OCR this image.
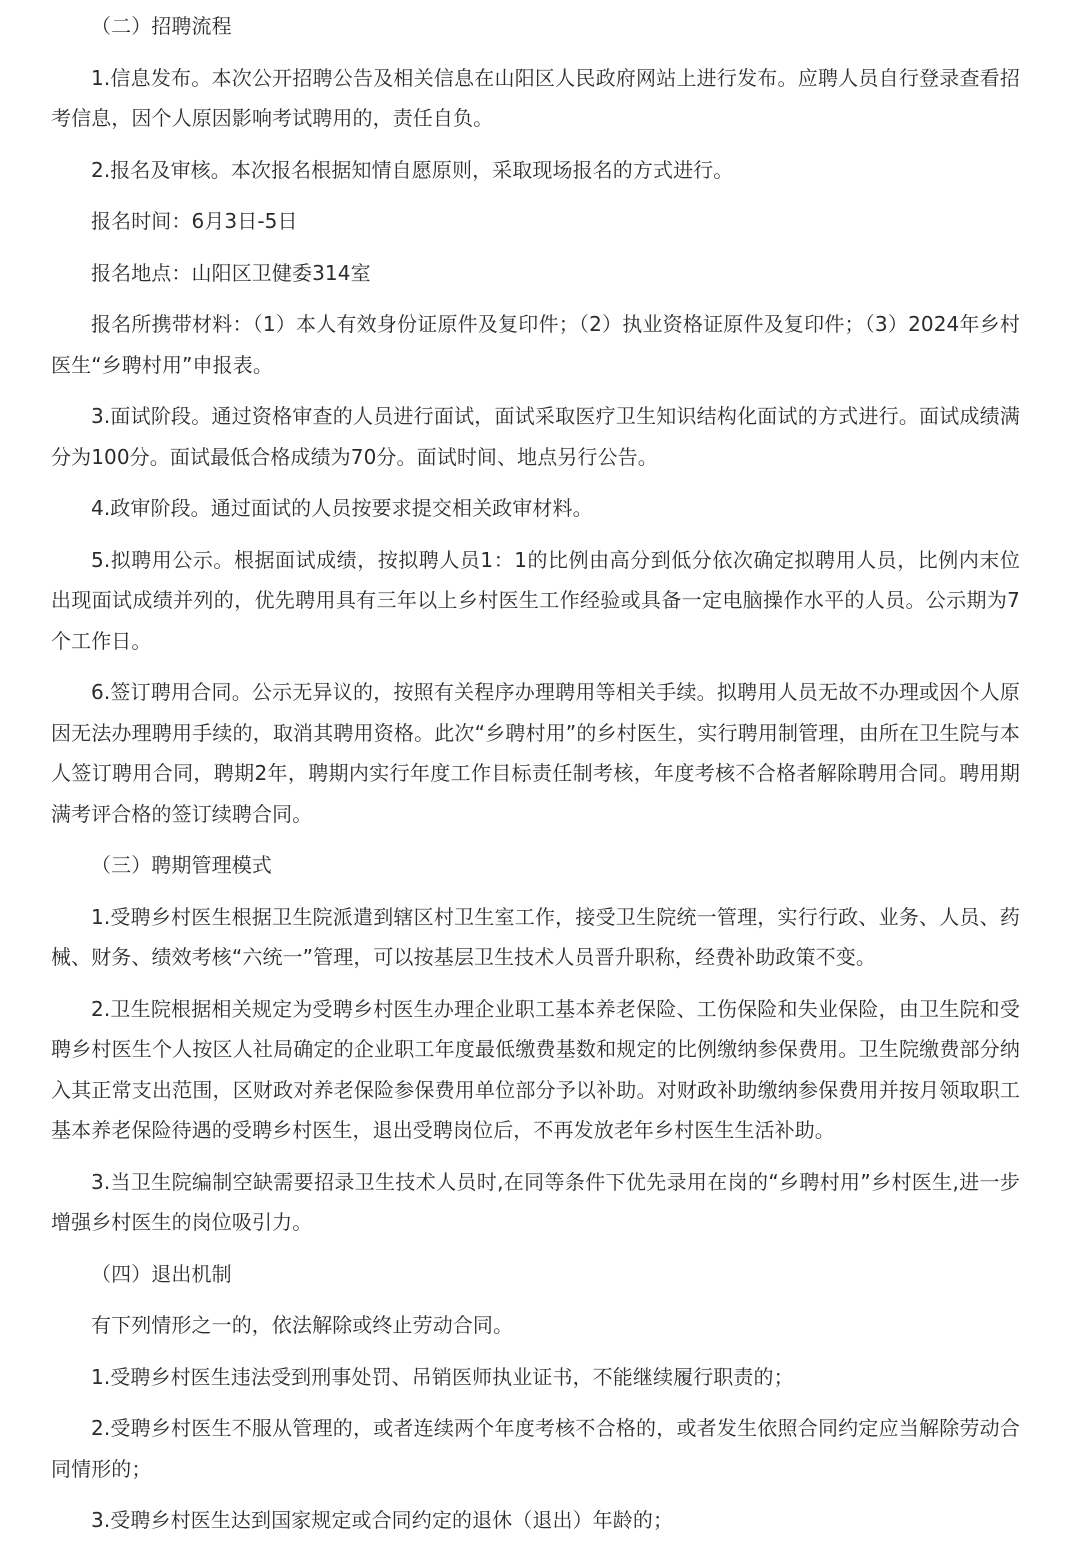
（二）招聘流程

1.信息发布。本次公开招聘公告及相关信息在山阳区人民政府网站上进行发布。应聘人员自行登录查看招考信息，因个人原因影响考试聘用的，责任自负。

2.报名及审核。本次报名根据知情自愿原则，采取现场报名的方式进行。

报名时间：6月3日-5日

报名地点：山阳区卫健委314室

报名所携带材料：（1）本人有效身份证原件及复印件；（2）执业资格证原件及复印件；（3）2024年乡村医生“乡聘村用”申报表。

3.面试阶段。通过资格审查的人员进行面试，面试采取医疗卫生知识结构化面试的方式进行。面试成绩满分为100分。面试最低合格成绩为70分。面试时间、地点另行公告。

4.政审阶段。通过面试的人员按要求提交相关政审材料。

5.拟聘用公示。根据面试成绩，按拟聘人员1：1的比例由高分到低分依次确定拟聘用人员，比例内末位出现面试成绩并列的，优先聘用具有三年以上乡村医生工作经验或具备一定电脑操作水平的人员。公示期为7个工作日。

6.签订聘用合同。公示无异议的，按照有关程序办理聘用等相关手续。拟聘用人员无故不办理或因个人原因无法办理聘用手续的，取消其聘用资格。此次“乡聘村用”的乡村医生，实行聘用制管理，由所在卫生院与本人签订聘用合同，聘期2年，聘期内实行年度工作目标责任制考核，年度考核不合格者解除聘用合同。聘用期满考评合格的签订续聘合同。

（三）聘期管理模式

1.受聘乡村医生根据卫生院派遣到辖区村卫生室工作，接受卫生院统一管理，实行行政、业务、人员、药械、财务、绩效考核“六统一”管理，可以按基层卫生技术人员晋升职称，经费补助政策不变。

2.卫生院根据相关规定为受聘乡村医生办理企业职工基本养老保险、工伤保险和失业保险，由卫生院和受聘乡村医生个人按区人社局确定的企业职工年度最低缴费基数和规定的比例缴纳参保费用。卫生院缴费部分纳入其正常支出范围，区财政对养老保险参保费用单位部分予以补助。对财政补助缴纳参保费用并按月领取职工基本养老保险待遇的受聘乡村医生，退出受聘岗位后，不再发放老年乡村医生生活补助。

3.当卫生院编制空缺需要招录卫生技术人员时,在同等条件下优先录用在岗的“乡聘村用”乡村医生,进一步增强乡村医生的岗位吸引力。

（四）退出机制

有下列情形之一的，依法解除或终止劳动合同。

1.受聘乡村医生违法受到刑事处罚、吊销医师执业证书，不能继续履行职责的；

2.受聘乡村医生不服从管理的，或者连续两个年度考核不合格的，或者发生依照合同约定应当解除劳动合同情形的；

3.受聘乡村医生达到国家规定或合同约定的退休（退出）年龄的；
